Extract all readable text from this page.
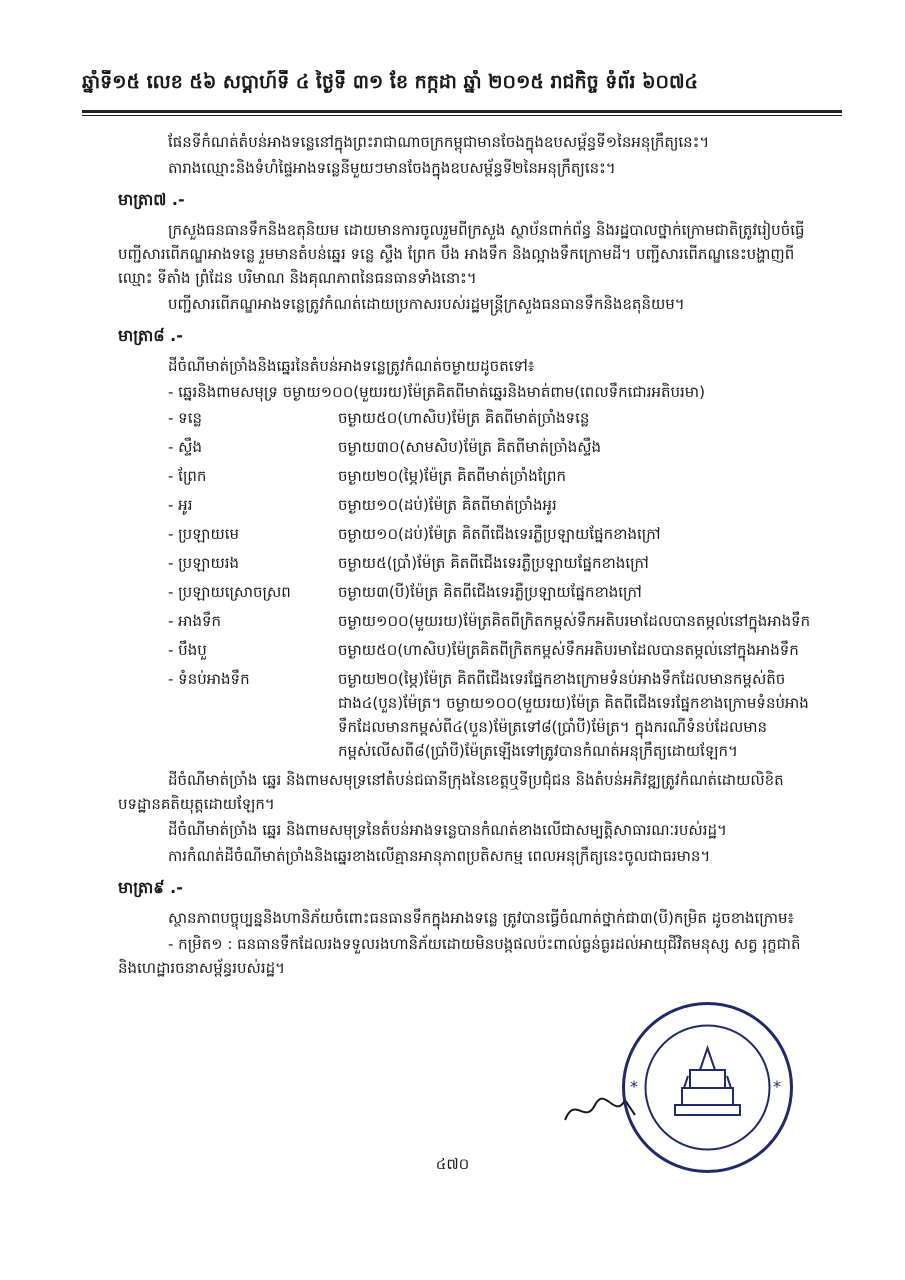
ឆ្នាំទី១៥ លេខ ៥៦ សប្តាហ៍ទី ៤ ថ្ងៃទី ៣១ ខែ កក្កដា ឆ្នាំ ២០១៥ រាជកិច្ច ទំព័រ ៦០៧៤

ផែនទីកំណត់តំបន់អាងទន្លេនៅក្នុងព្រះរាជាណាចក្រកម្ពុជាមានចែងក្នុងឧបសម្ព័ន្ធទី១នៃអនុក្រឹត្យនេះ។

តារាងឈ្មោះនិងទំហំផ្ទៃអាងទន្លេនីមួយៗមានចែងក្នុងឧបសម្ព័ន្ធទី២នៃអនុក្រឹត្យនេះ។

មាត្រា៧ .-

ក្រសួងធនធានទឹកនិងឧតុនិយម ដោយមានការចូលរួមពីក្រសួង ស្ថាប័នពាក់ព័ន្ធ និងរដ្ឋបាលថ្នាក់ក្រោមជាតិត្រូវរៀបចំធ្វើបញ្ជីសារពើភណ្ឌអាងទន្លេ រួមមានតំបន់ឆ្នេរ ទន្លេ ស្ទឹង ព្រែក បឹង អាងទឹក និងល្អាងទឹកក្រោមដី។ បញ្ជីសារពើភណ្ឌនេះបង្ហាញពីឈ្មោះ ទីតាំង ព្រំដែន បរិមាណ និងគុណភាពនៃធនធានទាំងនោះ។

បញ្ជីសារពើភណ្ឌអាងទន្លេត្រូវកំណត់ដោយប្រកាសរបស់រដ្ឋមន្ត្រីក្រសួងធនធានទឹកនិងឧតុនិយម។

មាត្រា៨ .-

ដីចំណីមាត់ច្រាំងនិងឆ្នេរនៃតំបន់អាងទន្លេត្រូវកំណត់ចម្ងាយដូចតទៅ៖

- ឆ្នេរនិងពាមសមុទ្រ ចម្ងាយ១០០(មួយរយ)ម៉ែត្រគិតពីមាត់ឆ្នេរនិងមាត់ពាម(ពេលទឹកជោរអតិបរមា)

- ទន្លេ	ចម្ងាយ៥០(ហាសិប)ម៉ែត្រ គិតពីមាត់ច្រាំងទន្លេ
- ស្ទឹង	ចម្ងាយ៣០(សាមសិប)ម៉ែត្រ គិតពីមាត់ច្រាំងស្ទឹង
- ព្រែក	ចម្ងាយ២០(ម្ភៃ)ម៉ែត្រ គិតពីមាត់ច្រាំងព្រែក
- អូរ	ចម្ងាយ១០(ដប់)ម៉ែត្រ គិតពីមាត់ច្រាំងអូរ
- ប្រឡាយមេ	ចម្ងាយ១០(ដប់)ម៉ែត្រ គិតពីជើងទេរភ្លឺប្រឡាយផ្នែកខាងក្រៅ
- ប្រឡាយរង	ចម្ងាយ៥(ប្រាំ)ម៉ែត្រ គិតពីជើងទេរភ្លឺប្រឡាយផ្នែកខាងក្រៅ
- ប្រឡាយស្រោចស្រព	ចម្ងាយ៣(បី)ម៉ែត្រ គិតពីជើងទេរភ្លឺប្រឡាយផ្នែកខាងក្រៅ
- អាងទឹក	ចម្ងាយ១០០(មួយរយ)ម៉ែត្រគិតពីក្រិតកម្ពស់ទឹកអតិបរមាដែលបានតម្កល់នៅក្នុងអាងទឹក
- បឹងបួ	ចម្ងាយ៥០(ហាសិប)ម៉ែត្រគិតពីក្រិតកម្ពស់ទឹកអតិបរមាដែលបានតម្កល់នៅក្នុងអាងទឹក
- ទំនប់អាងទឹក	ចម្ងាយ២០(ម្ភៃ)ម៉ែត្រ គិតពីជើងទេរផ្នែកខាងក្រោមទំនប់អាងទឹកដែលមានកម្ពស់តិចជាង៤(បួន)ម៉ែត្រ។ ចម្ងាយ១០០(មួយរយ)ម៉ែត្រ គិតពីជើងទេរផ្នែកខាងក្រោមទំនប់អាងទឹកដែលមានកម្ពស់ពី៤(បួន)ម៉ែត្រទៅ៨(ប្រាំបី)ម៉ែត្រ។ ក្នុងករណីទំនប់ដែលមានកម្ពស់លើសពី៨(ប្រាំបី)ម៉ែត្រឡើងទៅត្រូវបានកំណត់អនុក្រឹត្យដោយឡែក។

ដីចំណីមាត់ច្រាំង ឆ្នេរ និងពាមសមុទ្រនៅតំបន់ជធានីក្រុងនៃខេត្តឬទីប្រជុំជន និងតំបន់អភិវឌ្ឍត្រូវកំណត់ដោយលិខិតបទដ្ឋានគតិយុត្តដោយឡែក។

ដីចំណីមាត់ច្រាំង ឆ្នេរ និងពាមសមុទ្រនៃតំបន់អាងទន្លេបានកំណត់ខាងលើជាសម្បត្តិសាធារណៈរបស់រដ្ឋ។

ការកំណត់ដីចំណីមាត់ច្រាំងនិងឆ្នេរខាងលើគ្មានអានុភាពប្រតិសកម្ម ពេលអនុក្រឹត្យនេះចូលជាធរមាន។

មាត្រា៩ .-

ស្ថានភាពបច្ចុប្បន្ននិងហានិភ័យចំពោះធនធានទឹកក្នុងអាងទន្លេ ត្រូវបានធ្វើចំណាត់ថ្នាក់ជា៣(បី)កម្រិត ដូចខាងក្រោម៖

- កម្រិត១ : ធនធានទឹកដែលរងទទួលរងហានិភ័យដោយមិនបង្កផលប៉ះពាល់ធ្ងន់ធ្ងរដល់អាយុជីវិតមនុស្ស សត្វ រុក្ខជាតិ និងហេដ្ឋារចនាសម្ព័ន្ធរបស់រដ្ឋ។

*	*
៤៧០
